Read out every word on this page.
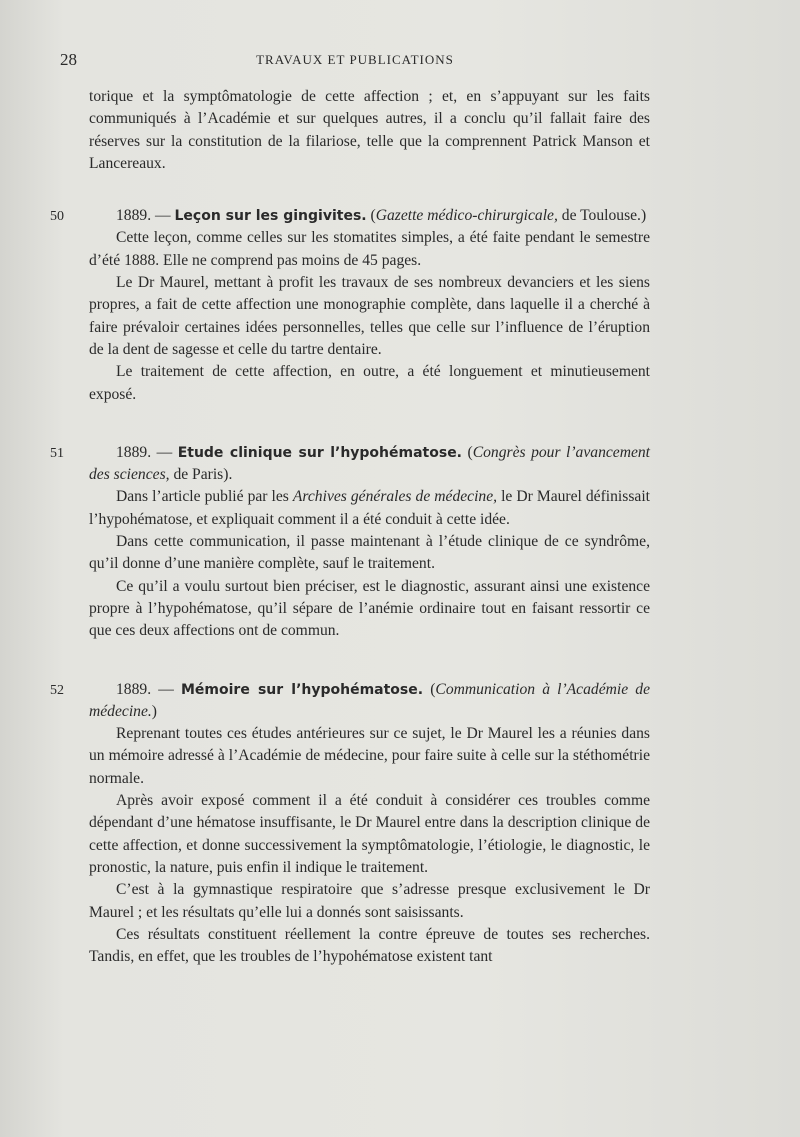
28	TRAVAUX ET PUBLICATIONS

torique et la symptômatologie de cette affection ; et, en s’appuyant sur les faits communiqués à l’Académie et sur quelques autres, il a conclu qu’il fallait faire des réserves sur la constitution de la filariose, telle que la comprennent Patrick Manson et Lancereaux.

50	1889. — Leçon sur les gingivites. (Gazette médico-chirurgicale, de Toulouse.)

Cette leçon, comme celles sur les stomatites simples, a été faite pendant le semestre d’été 1888. Elle ne comprend pas moins de 45 pages.

Le Dr Maurel, mettant à profit les travaux de ses nombreux devanciers et les siens propres, a fait de cette affection une monographie complète, dans laquelle il a cherché à faire prévaloir certaines idées personnelles, telles que celle sur l’influence de l’éruption de la dent de sagesse et celle du tartre dentaire.

Le traitement de cette affection, en outre, a été longuement et minutieusement exposé.

51	1889. — Etude clinique sur l’hypohématose. (Congrès pour l’avancement des sciences, de Paris).

Dans l’article publié par les Archives générales de médecine, le Dr Maurel définissait l’hypohématose, et expliquait comment il a été conduit à cette idée.

Dans cette communication, il passe maintenant à l’étude clinique de ce syndrôme, qu’il donne d’une manière complète, sauf le traitement.

Ce qu’il a voulu surtout bien préciser, est le diagnostic, assurant ainsi une existence propre à l’hypohématose, qu’il sépare de l’anémie ordinaire tout en faisant ressortir ce que ces deux affections ont de commun.

52	1889. — Mémoire sur l’hypohématose. (Communication à l’Académie de médecine.)

Reprenant toutes ces études antérieures sur ce sujet, le Dr Maurel les a réunies dans un mémoire adressé à l’Académie de médecine, pour faire suite à celle sur la stéthométrie normale.

Après avoir exposé comment il a été conduit à considérer ces troubles comme dépendant d’une hématose insuffisante, le Dr Maurel entre dans la description clinique de cette affection, et donne successivement la symptômatologie, l’étiologie, le diagnostic, le pronostic, la nature, puis enfin il indique le traitement.

C’est à la gymnastique respiratoire que s’adresse presque exclusivement le Dr Maurel ; et les résultats qu’elle lui a donnés sont saisissants.

Ces résultats constituent réellement la contre épreuve de toutes ses recherches. Tandis, en effet, que les troubles de l’hypohématose existent tant
